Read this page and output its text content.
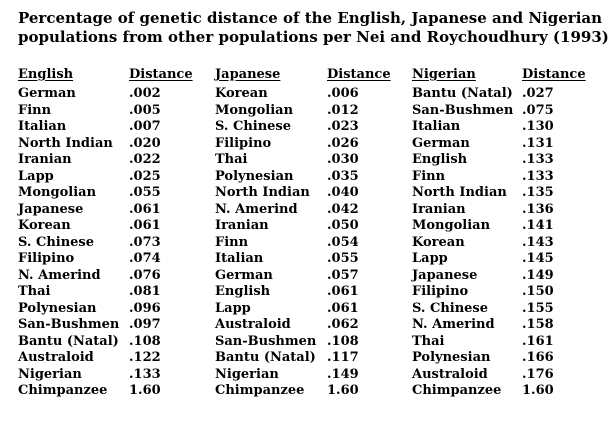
Percentage of genetic distance of the English, Japanese and Nigerian
populations from other populations per Nei and Roychoudhury (1993)
English	Distance
German	.002
Finn	.005
Italian	.007
North Indian .020
Iranian	.022
Lapp	.025
Mongolian	.055
Japanese	.061
Korean	.061
S. Chinese	.073
Filipino	.074
N. Amerind .076
Thai	.081
Polynesian	.096
San-Bushmen .097
Bantu (Natal) .108
Australoid	.122
Nigerian	.133
Chimpanzee 1.60
Japanese	Distance
Korean	.006
Mongolian	.012
S. Chinese	.023
Filipino	.026
Thai	.030
Polynesian	.035
North Indian .040
N. Amerind .042
Iranian	.050
Finn	.054
Italian	.055
German	.057
English	.061
Lapp	.061
Australoid	.062
San-Bushmen .108
Bantu (Natal) .117
Nigerian	.149
Chimpanzee 1.60
Nigerian	Distance
Bantu (Natal) .027
San-Bushmen .075
Italian	.130
German	.131
English	.133
Finn	.133
North Indian .135
Iranian	.136
Mongolian .141
Korean	.143
Lapp	.145
Japanese	.149
Filipino	.150
S. Chinese	.155
N. Amerind .158
Thai	.161
Polynesian .166
Australoid	.176
Chimpanzee 1.60
